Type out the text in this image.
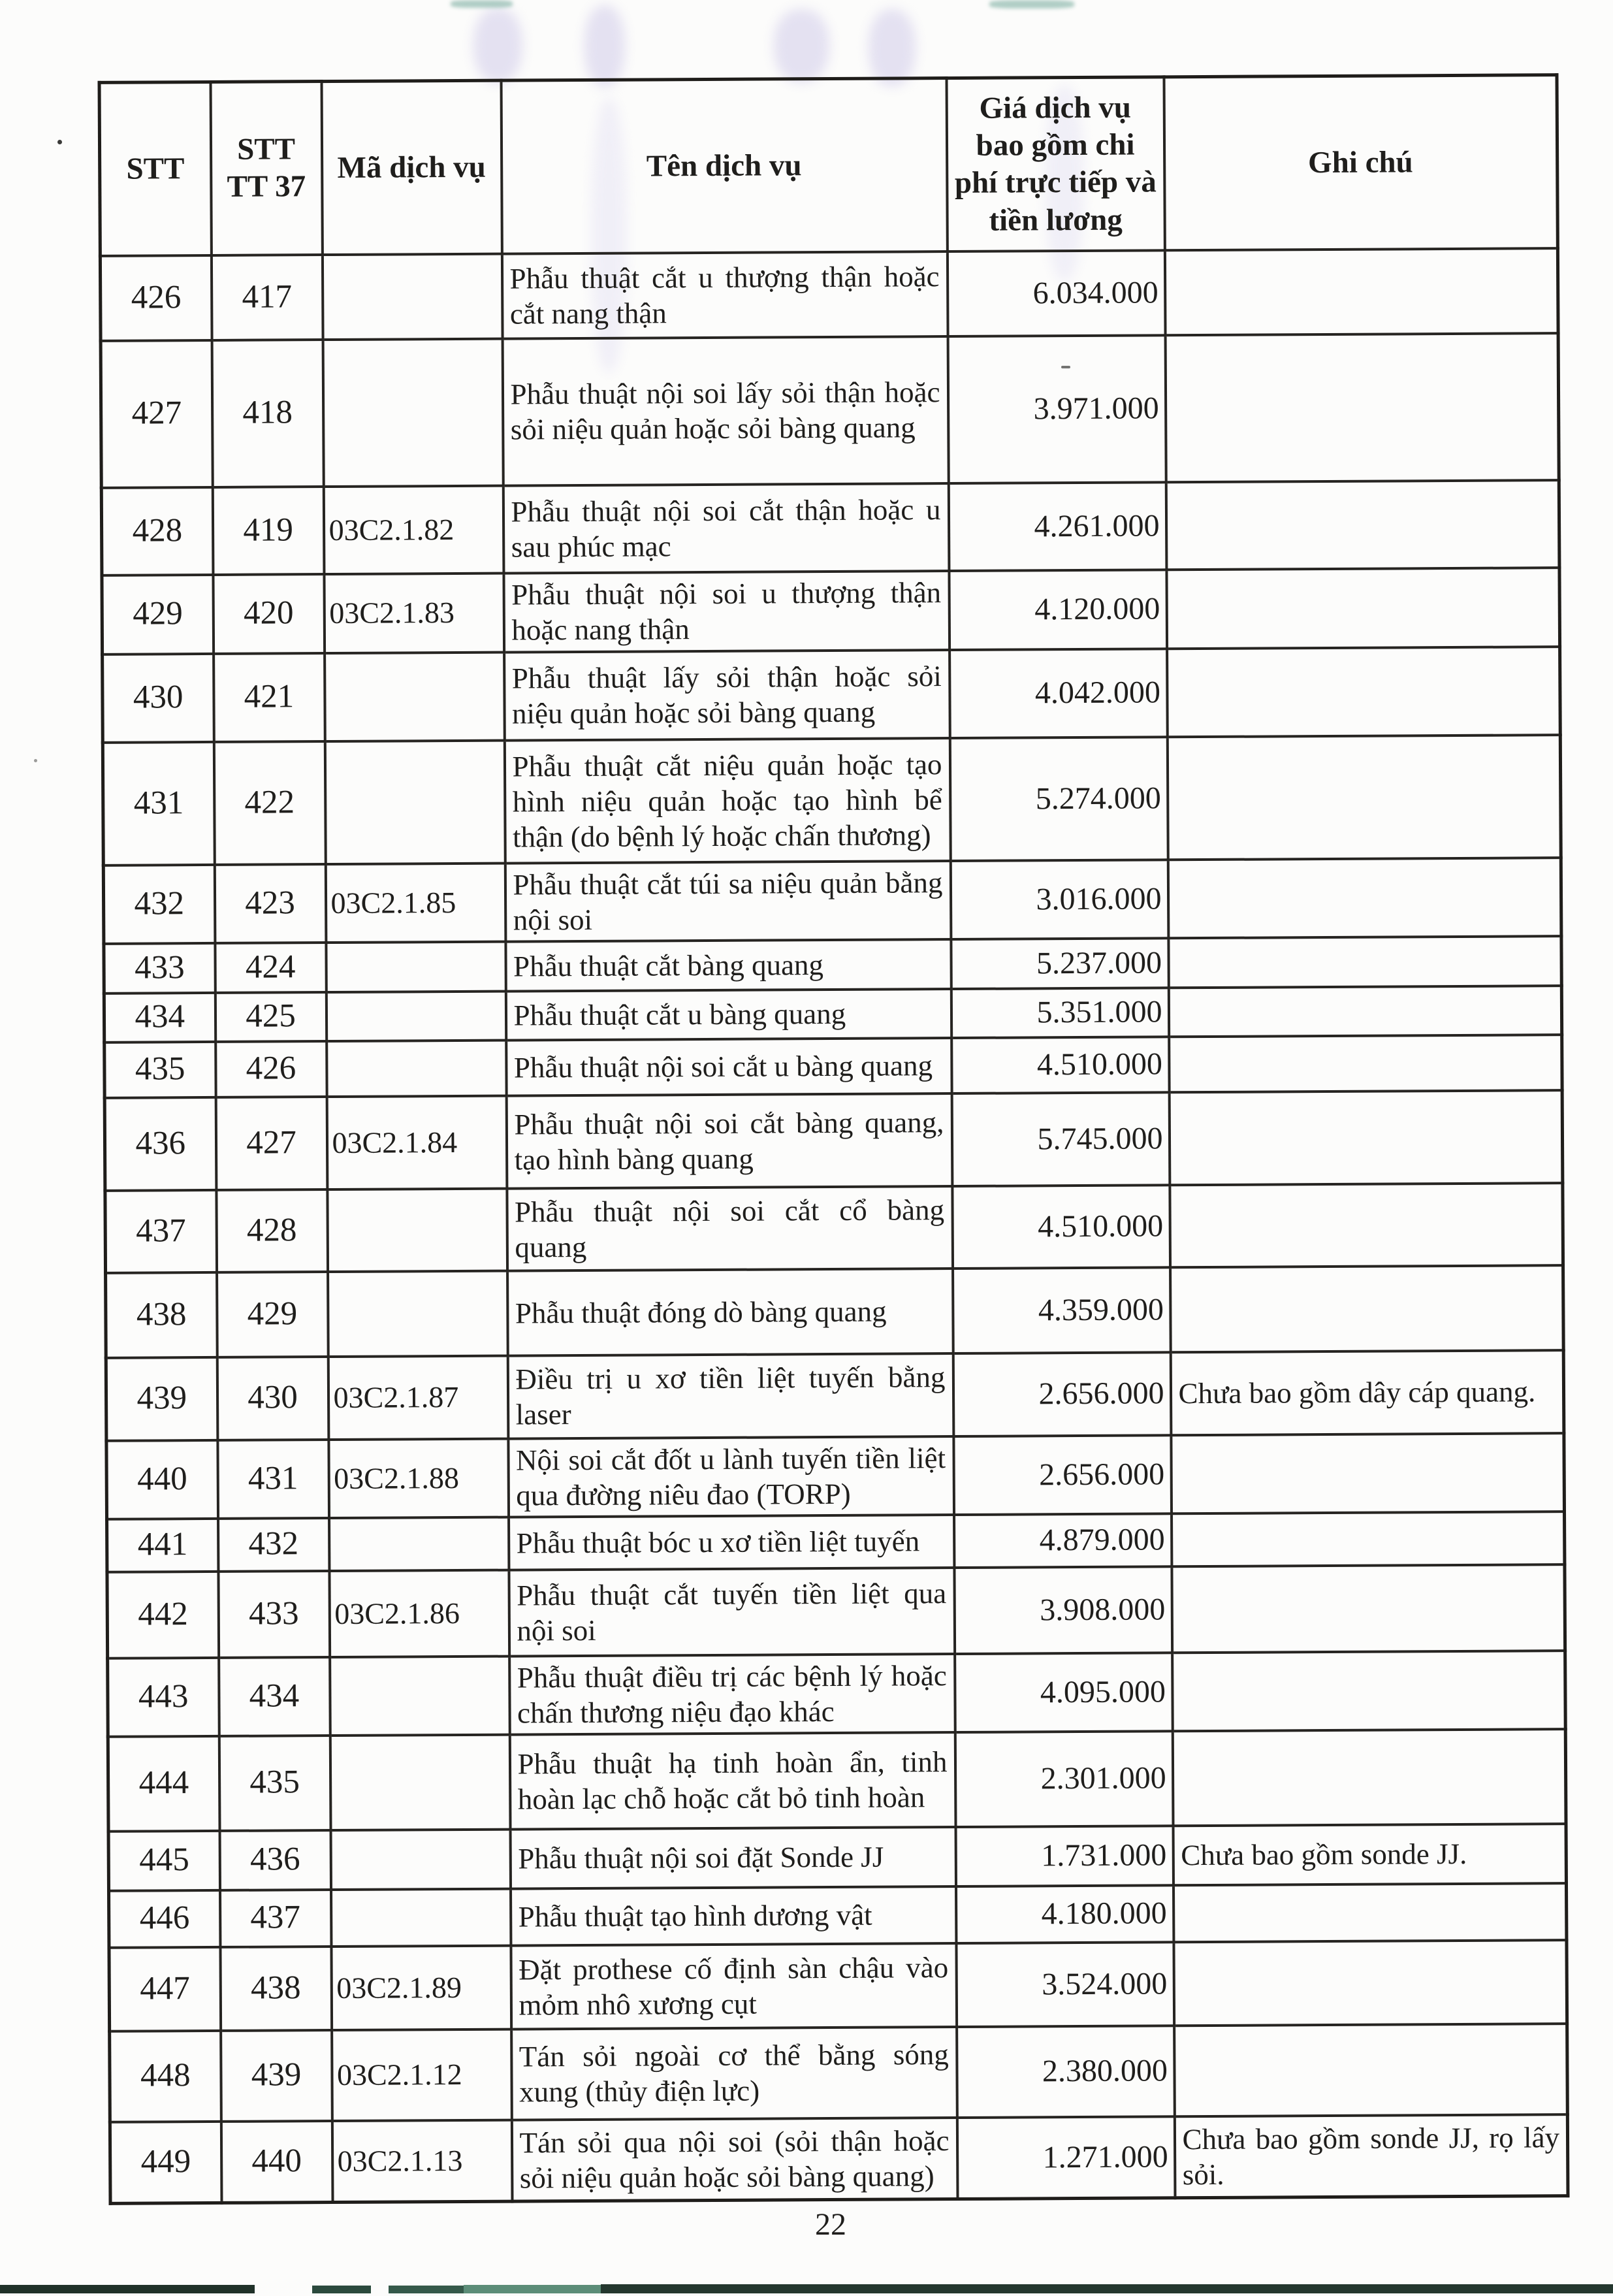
STT	STT TT 37	Mã dịch vụ	Tên dịch vụ	Giá dịch vụ bao gồm chi phí trực tiếp và tiền lương	Ghi chú
426	417		Phẫu thuật cắt u thượng thận hoặc cắt nang thận	6.034.000	
427	418		Phẫu thuật nội soi lấy sỏi thận hoặc sỏi niệu quản hoặc sỏi bàng quang	3.971.000	
428	419	03C2.1.82	Phẫu thuật nội soi cắt thận hoặc u sau phúc mạc	4.261.000	
429	420	03C2.1.83	Phẫu thuật nội soi u thượng thận hoặc nang thận	4.120.000	
430	421		Phẫu thuật lấy sỏi thận hoặc sỏi niệu quản hoặc sỏi bàng quang	4.042.000	
431	422		Phẫu thuật cắt niệu quản hoặc tạo hình niệu quản hoặc tạo hình bể thận (do bệnh lý hoặc chấn thương)	5.274.000	
432	423	03C2.1.85	Phẫu thuật cắt túi sa niệu quản bằng nội soi	3.016.000	
433	424		Phẫu thuật cắt bàng quang	5.237.000	
434	425		Phẫu thuật cắt u bàng quang	5.351.000	
435	426		Phẫu thuật nội soi cắt u bàng quang	4.510.000	
436	427	03C2.1.84	Phẫu thuật nội soi cắt bàng quang, tạo hình bàng quang	5.745.000	
437	428		Phẫu thuật nội soi cắt cổ bàng quang	4.510.000	
438	429		Phẫu thuật đóng dò bàng quang	4.359.000	
439	430	03C2.1.87	Điều trị u xơ tiền liệt tuyến bằng laser	2.656.000	Chưa bao gồm dây cáp quang.
440	431	03C2.1.88	Nội soi cắt đốt u lành tuyến tiền liệt qua đường niêu đao (TORP)	2.656.000	
441	432		Phẫu thuật bóc u xơ tiền liệt tuyến	4.879.000	
442	433	03C2.1.86	Phẫu thuật cắt tuyến tiền liệt qua nội soi	3.908.000	
443	434		Phẫu thuật điều trị các bệnh lý hoặc chấn thương niệu đạo khác	4.095.000	
444	435		Phẫu thuật hạ tinh hoàn ẩn, tinh hoàn lạc chỗ hoặc cắt bỏ tinh hoàn	2.301.000	
445	436		Phẫu thuật nội soi đặt Sonde JJ	1.731.000	Chưa bao gồm sonde JJ.
446	437		Phẫu thuật tạo hình dương vật	4.180.000	
447	438	03C2.1.89	Đặt prothese cố định sàn chậu vào mỏm nhô xương cụt	3.524.000	
448	439	03C2.1.12	Tán sỏi ngoài cơ thể bằng sóng xung (thủy điện lực)	2.380.000	
449	440	03C2.1.13	Tán sỏi qua nội soi (sỏi thận hoặc sỏi niệu quản hoặc sỏi bàng quang)	1.271.000	Chưa bao gồm sonde JJ, rọ lấy sỏi.
22
